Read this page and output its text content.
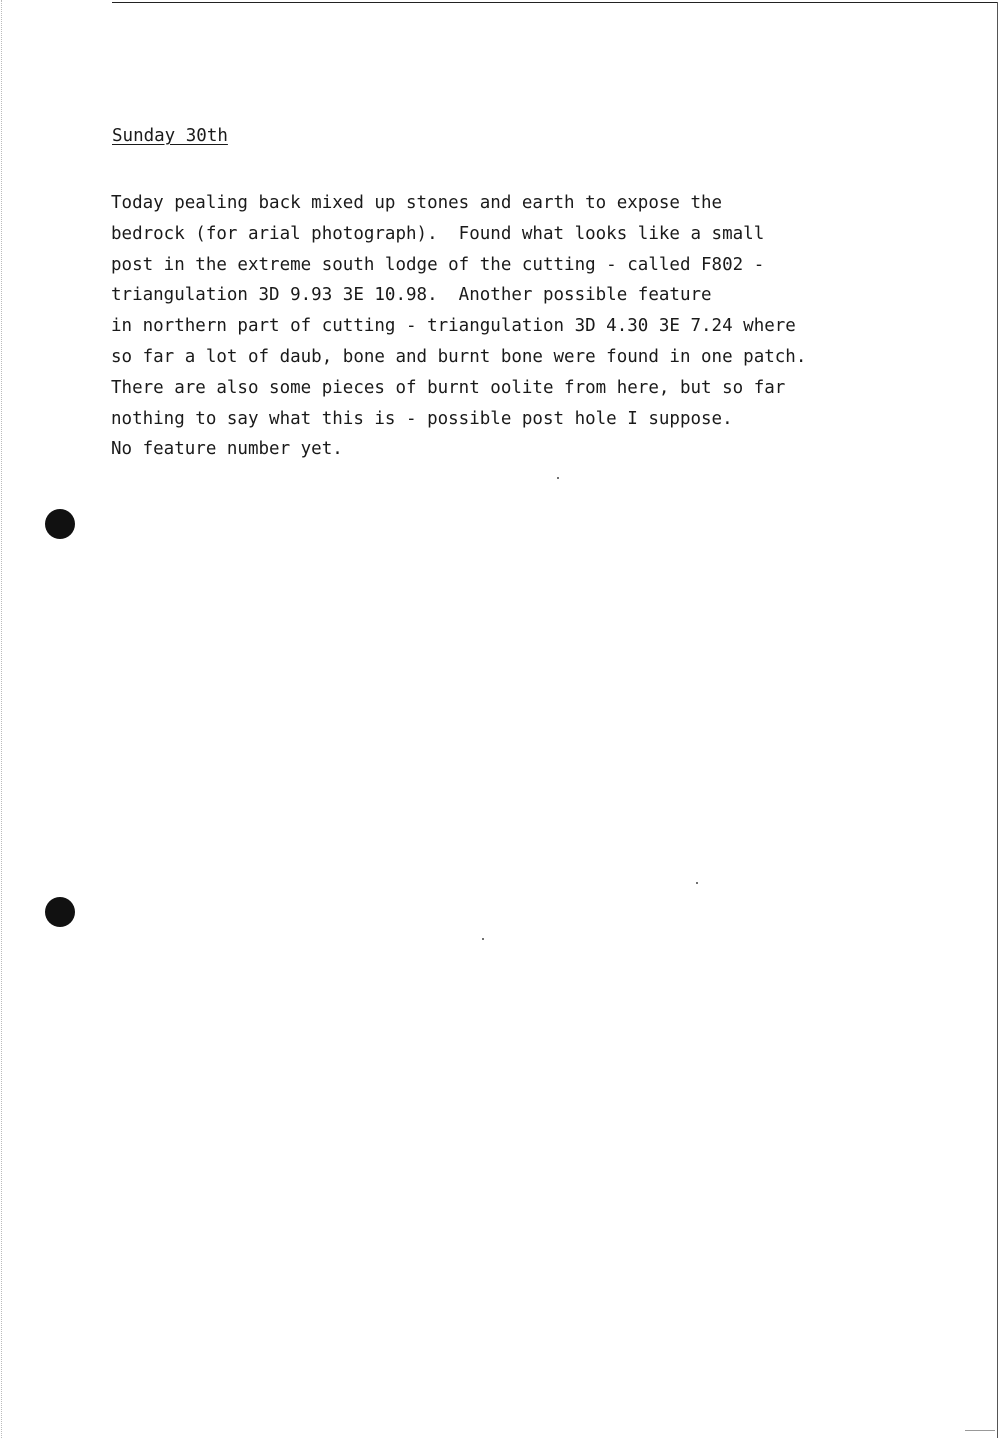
Sunday 30th
Today pealing back mixed up stones and earth to expose the
bedrock (for arial photograph).  Found what looks like a small
post in the extreme south lodge of the cutting - called F802 -
triangulation 3D 9.93 3E 10.98.  Another possible feature
in northern part of cutting - triangulation 3D 4.30 3E 7.24 where
so far a lot of daub, bone and burnt bone were found in one patch.
There are also some pieces of burnt oolite from here, but so far
nothing to say what this is - possible post hole I suppose.
No feature number yet.
